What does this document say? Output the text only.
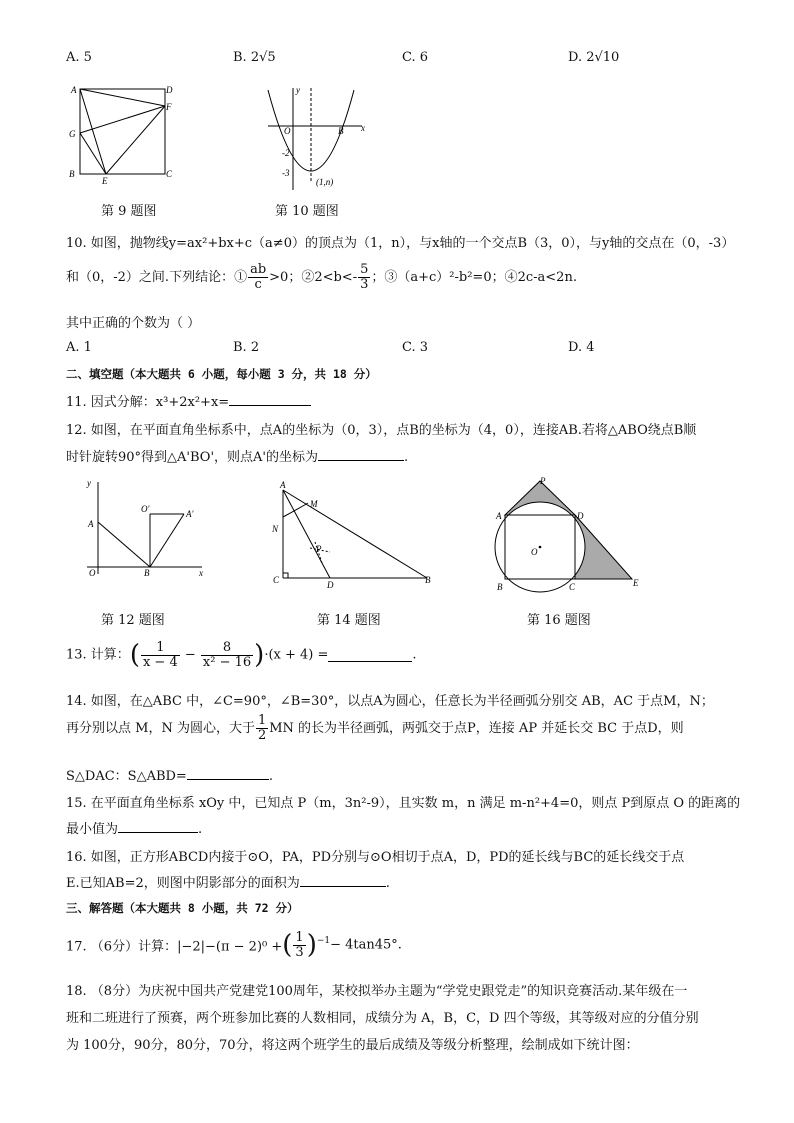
A. 5	B. 2√5	C. 6	D. 2√10
A	D
F
G
B
E
C
第 9 题图
y
x
O	B
-2
-3
(1,n)
第 10 题图
10. 如图，抛物线y=ax²+bx+c（a≠0）的顶点为（1，n），与x轴的一个交点B（3，0），与y轴的交点在（0，-3）
和（0，-2）之间.下列结论：① $\frac{ab}{c} >0$；②2<b<- $\frac{5}{3}$ ；③（a+c）²-b²=0；④2c-a<2n.
其中正确的个数为（ ）
A. 1	B. 2	C. 3	D. 4
二、填空题（本大题共 6 小题，每小题 3 分，共 18 分）
11. 因式分解：x³+2x²+x=
12. 如图，在平面直角坐标系中，点A的坐标为（0，3），点B的坐标为（4，0），连接AB.若将△ABO绕点B顺
时针旋转90°得到△A'BO'，则点A'的坐标为	.
y
A
O	B	x
O'	A'
第 12 题图
A
M
N
P
C	D	B
第 14 题图
P
A	D
O
B	C	E
第 16 题图
13. 计算：( $\frac{1}{x - 4} - \frac{8}{\text{x² − 16}} )\cdot(x + 4)$ =	.
14. 如图，在△ABC 中，∠C=90°，∠B=30°，以点A为圆心，任意长为半径画弧分别交 AB，AC 于点M，N；
再分别以点 M，N 为圆心，大于 $\frac{1}{2}$ MN 的长为半径画弧，两弧交于点P，连接 AP 并延长交 BC 于点D，则
S△DAC：S△ABD=	.
15. 在平面直角坐标系 xOy 中，已知点 P（m，3n²-9），且实数 m，n 满足 m-n²+4=0，则点 P到原点 O 的距离的
最小值为	.
16. 如图，正方形ABCD内接于⊙O，PA，PD分别与⊙O相切于点A，D，PD的延长线与BC的延长线交于点
E.已知AB=2，则图中阴影部分的面积为	.
三、解答题（本大题共 8 小题，共 72 分）
17. （6分）计算：|−2|−(π − 2)⁰ +( $\frac{1}{3} )^{-1}- 4\tan 45^\circ$.
18. （8分）为庆祝中国共产党建党100周年，某校拟举办主题为“学党史跟党走”的知识竞赛活动.某年级在一
班和二班进行了预赛，两个班参加比赛的人数相同，成绩分为 A，B，C，D 四个等级，其等级对应的分值分别
为 100分，90分，80分，70分，将这两个班学生的最后成绩及等级分析整理，绘制成如下统计图：
